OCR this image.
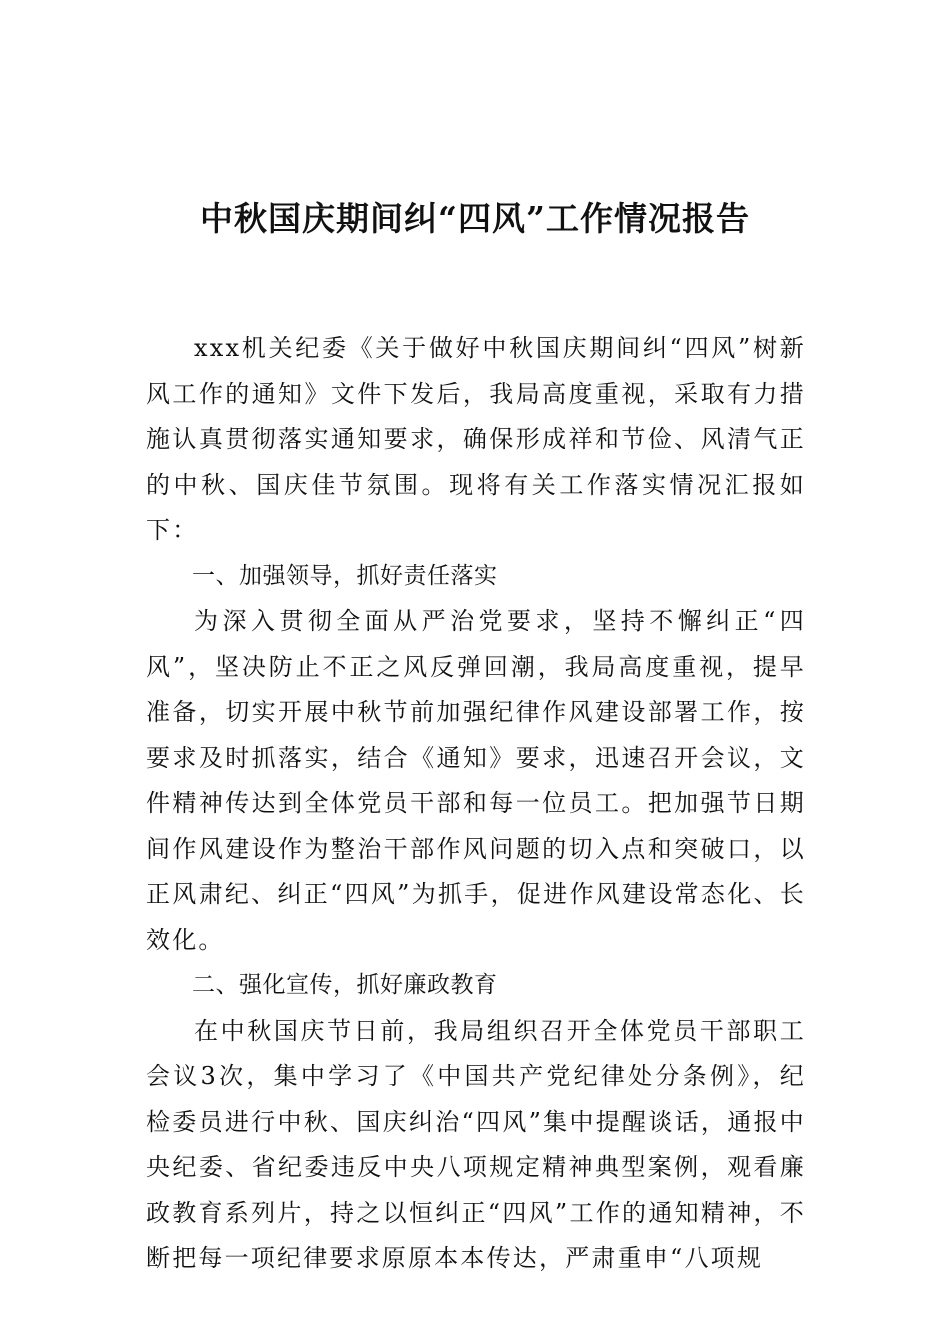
中秋国庆期间纠“四风”工作情况报告

xxx机关纪委《关于做好中秋国庆期间纠“四风”树新风工作的通知》文件下发后，我局高度重视，采取有力措施认真贯彻落实通知要求，确保形成祥和节俭、风清气正的中秋、国庆佳节氛围。现将有关工作落实情况汇报如下：

一、加强领导，抓好责任落实

为深入贯彻全面从严治党要求，坚持不懈纠正“四风”，坚决防止不正之风反弹回潮，我局高度重视，提早准备，切实开展中秋节前加强纪律作风建设部署工作，按要求及时抓落实，结合《通知》要求，迅速召开会议，文件精神传达到全体党员干部和每一位员工。把加强节日期间作风建设作为整治干部作风问题的切入点和突破口，以正风肃纪、纠正“四风”为抓手，促进作风建设常态化、长效化。

二、强化宣传，抓好廉政教育

在中秋国庆节日前，我局组织召开全体党员干部职工会议3次，集中学习了《中国共产党纪律处分条例》，纪检委员进行中秋、国庆纠治“四风”集中提醒谈话，通报中央纪委、省纪委违反中央八项规定精神典型案例，观看廉政教育系列片，持之以恒纠正“四风”工作的通知精神，不断把每一项纪律要求原原本本传达，严肃重申“八项规
